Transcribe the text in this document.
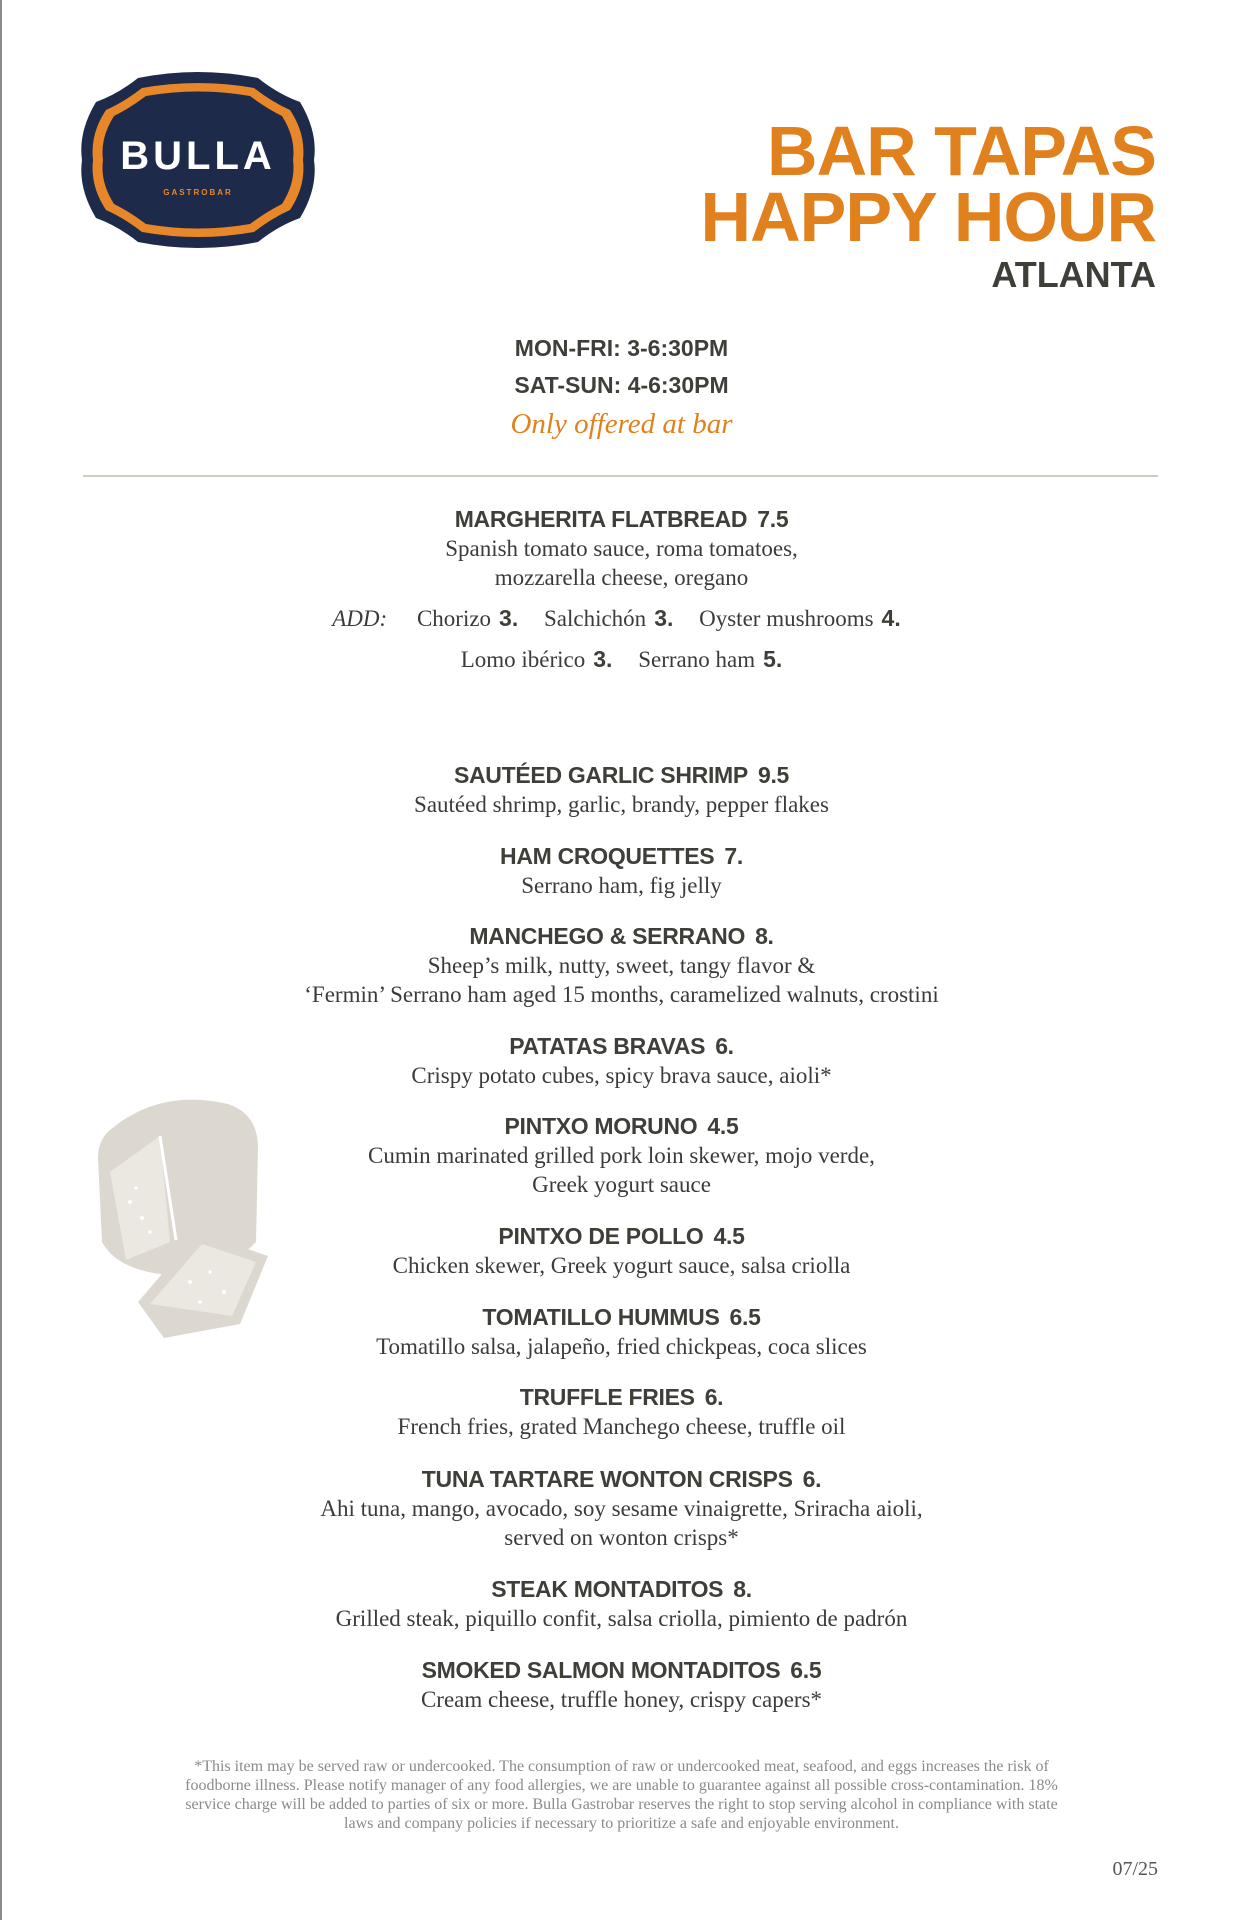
BULLA
GASTROBAR
BAR TAPAS
HAPPY HOUR
ATLANTA
MON-FRI: 3-6:30PM
SAT-SUN: 4-6:30PM
Only offered at bar
MARGHERITA FLATBREAD 7.5
Spanish tomato sauce, roma tomatoes,
mozzarella cheese, oregano
ADD: Chorizo 3. Salchichón 3. Oyster mushrooms 4.
Lomo ibérico 3. Serrano ham 5.
SAUTÉED GARLIC SHRIMP 9.5
Sautéed shrimp, garlic, brandy, pepper flakes
HAM CROQUETTES 7.
Serrano ham, fig jelly
MANCHEGO & SERRANO 8.
Sheep’s milk, nutty, sweet, tangy flavor &
‘Fermin’ Serrano ham aged 15 months, caramelized walnuts, crostini
PATATAS BRAVAS 6.
Crispy potato cubes, spicy brava sauce, aioli*
PINTXO MORUNO 4.5
Cumin marinated grilled pork loin skewer, mojo verde,
Greek yogurt sauce
PINTXO DE POLLO 4.5
Chicken skewer, Greek yogurt sauce, salsa criolla
TOMATILLO HUMMUS 6.5
Tomatillo salsa, jalapeño, fried chickpeas, coca slices
TRUFFLE FRIES 6.
French fries, grated Manchego cheese, truffle oil
TUNA TARTARE WONTON CRISPS 6.
Ahi tuna, mango, avocado, soy sesame vinaigrette, Sriracha aioli,
served on wonton crisps*
STEAK MONTADITOS 8.
Grilled steak, piquillo confit, salsa criolla, pimiento de padrón
SMOKED SALMON MONTADITOS 6.5
Cream cheese, truffle honey, crispy capers*
*This item may be served raw or undercooked. The consumption of raw or undercooked meat, seafood, and eggs increases the risk of
foodborne illness. Please notify manager of any food allergies, we are unable to guarantee against all possible cross-contamination. 18%
service charge will be added to parties of six or more. Bulla Gastrobar reserves the right to stop serving alcohol in compliance with state
laws and company policies if necessary to prioritize a safe and enjoyable environment.
07/25
